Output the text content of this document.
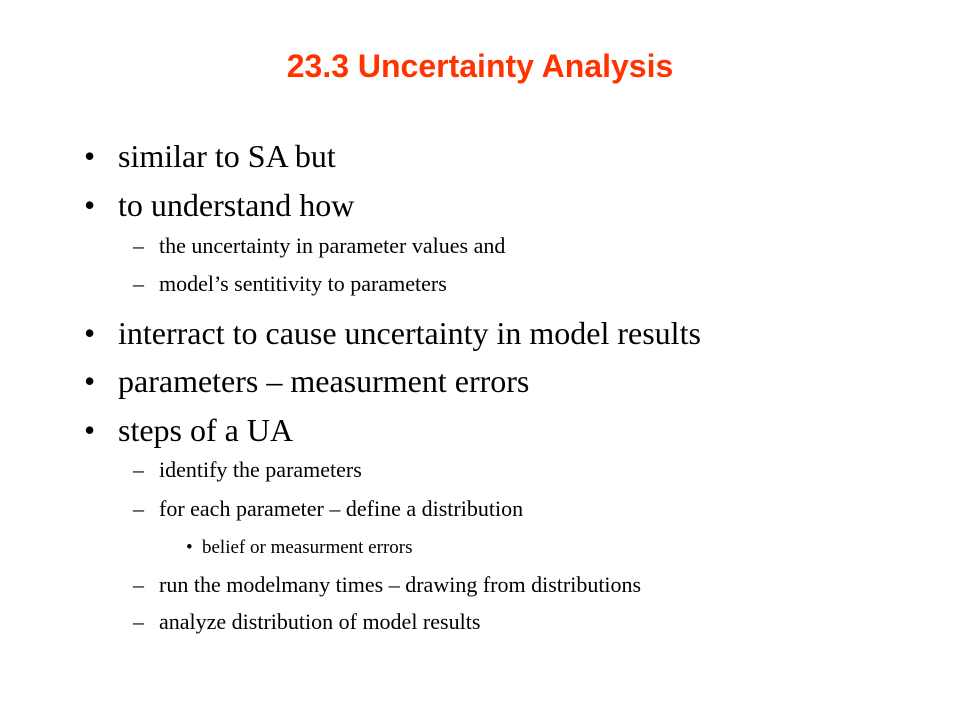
23.3 Uncertainty Analysis
• similar to SA but
• to understand how
– the uncertainty in parameter values and
– model’s sentitivity to parameters
• interract to cause uncertainty in model results
• parameters – measurment errors
• steps of a UA
– identify the parameters
– for each parameter – define a distribution
• belief or measurment errors
– run the modelmany times – drawing from distributions
– analyze distribution of model results
